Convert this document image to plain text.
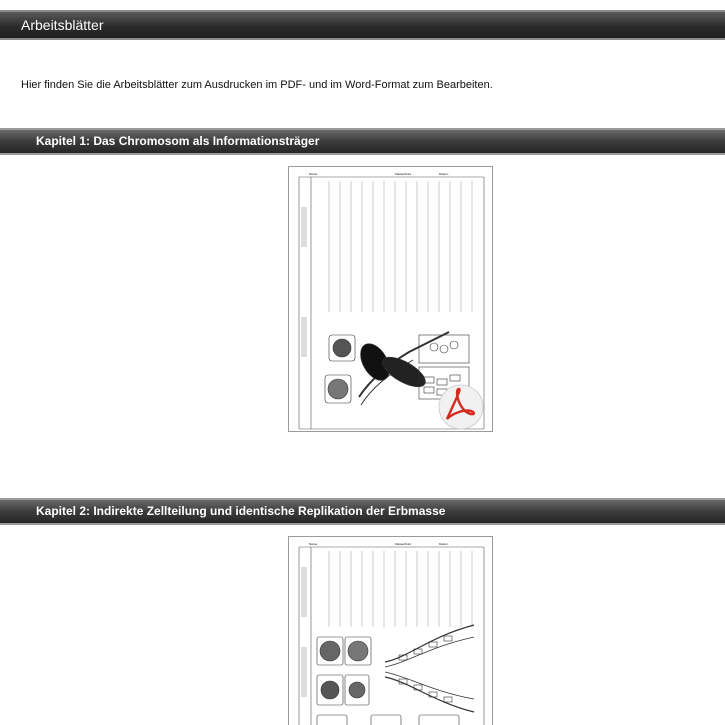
Arbeitsblätter
Hier finden Sie die Arbeitsblätter zum Ausdrucken im PDF- und im Word-Format zum Bearbeiten.
Kapitel 1: Das Chromosom als Informationsträger
Name:	Klasse/Kurs:	Datum:
Kapitel 2: Indirekte Zellteilung und identische Replikation der Erbmasse
Name:	Klasse/Kurs:	Datum:
